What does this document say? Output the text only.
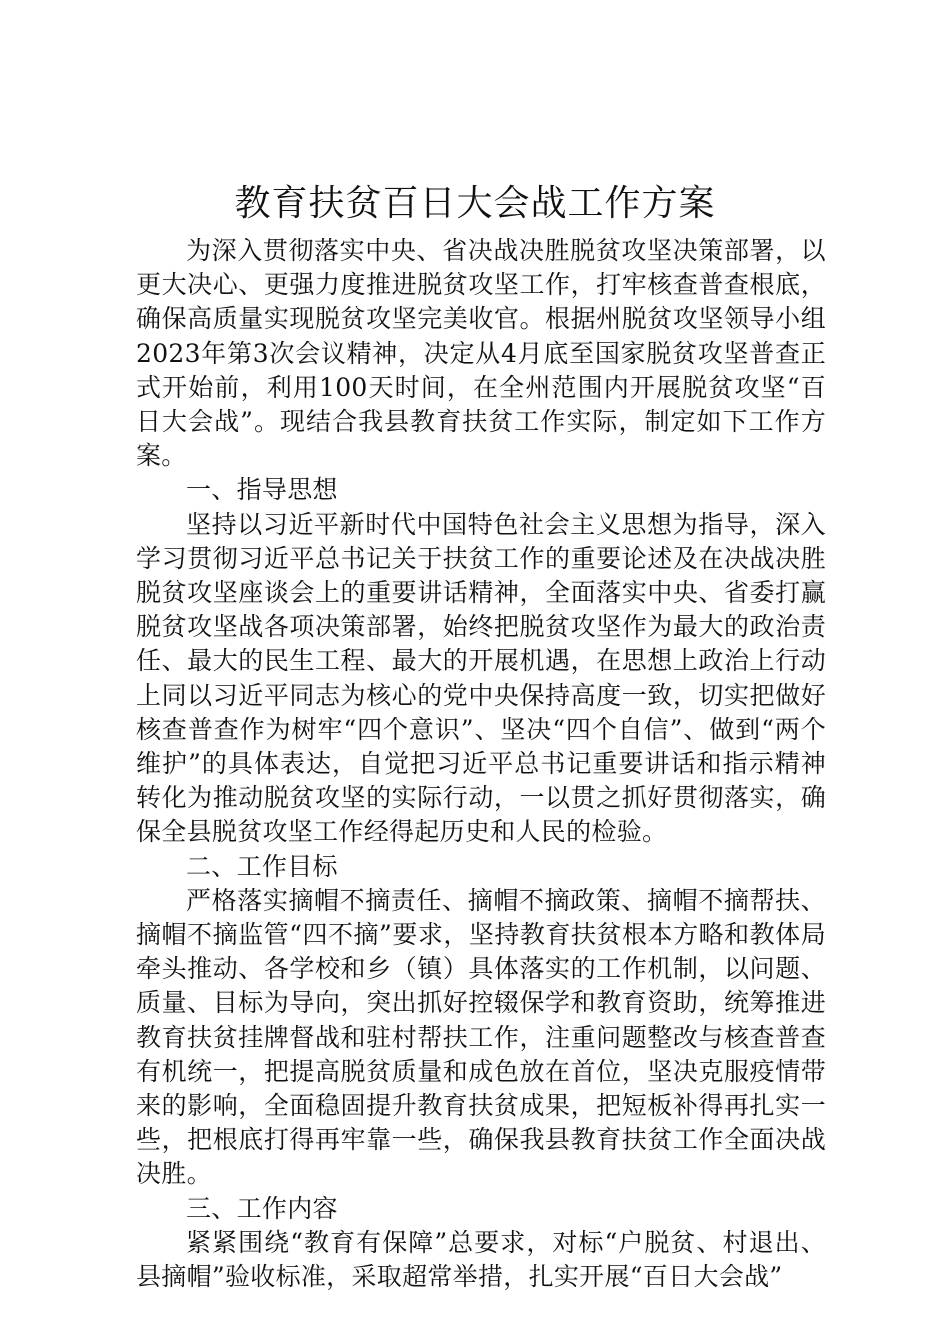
教育扶贫百日大会战工作方案

为深入贯彻落实中央、省决战决胜脱贫攻坚决策部署，以更大决心、更强力度推进脱贫攻坚工作，打牢核查普查根底，确保高质量实现脱贫攻坚完美收官。根据州脱贫攻坚领导小组2023年第3次会议精神，决定从4月底至国家脱贫攻坚普查正式开始前，利用100天时间，在全州范围内开展脱贫攻坚“百日大会战”。现结合我县教育扶贫工作实际，制定如下工作方案。

一、指导思想

坚持以习近平新时代中国特色社会主义思想为指导，深入学习贯彻习近平总书记关于扶贫工作的重要论述及在决战决胜脱贫攻坚座谈会上的重要讲话精神，全面落实中央、省委打赢脱贫攻坚战各项决策部署，始终把脱贫攻坚作为最大的政治责任、最大的民生工程、最大的开展机遇，在思想上政治上行动上同以习近平同志为核心的党中央保持高度一致，切实把做好核查普查作为树牢“四个意识”、坚决“四个自信”、做到“两个维护”的具体表达，自觉把习近平总书记重要讲话和指示精神转化为推动脱贫攻坚的实际行动，一以贯之抓好贯彻落实，确保全县脱贫攻坚工作经得起历史和人民的检验。

二、工作目标

严格落实摘帽不摘责任、摘帽不摘政策、摘帽不摘帮扶、摘帽不摘监管“四不摘”要求，坚持教育扶贫根本方略和教体局牵头推动、各学校和乡（镇）具体落实的工作机制，以问题、质量、目标为导向，突出抓好控辍保学和教育资助，统筹推进教育扶贫挂牌督战和驻村帮扶工作，注重问题整改与核查普查有机统一，把提高脱贫质量和成色放在首位，坚决克服疫情带来的影响，全面稳固提升教育扶贫成果，把短板补得再扎实一些，把根底打得再牢靠一些，确保我县教育扶贫工作全面决战决胜。

三、工作内容

紧紧围绕“教育有保障”总要求，对标“户脱贫、村退出、县摘帽”验收标准，采取超常举措，扎实开展“百日大会战”
